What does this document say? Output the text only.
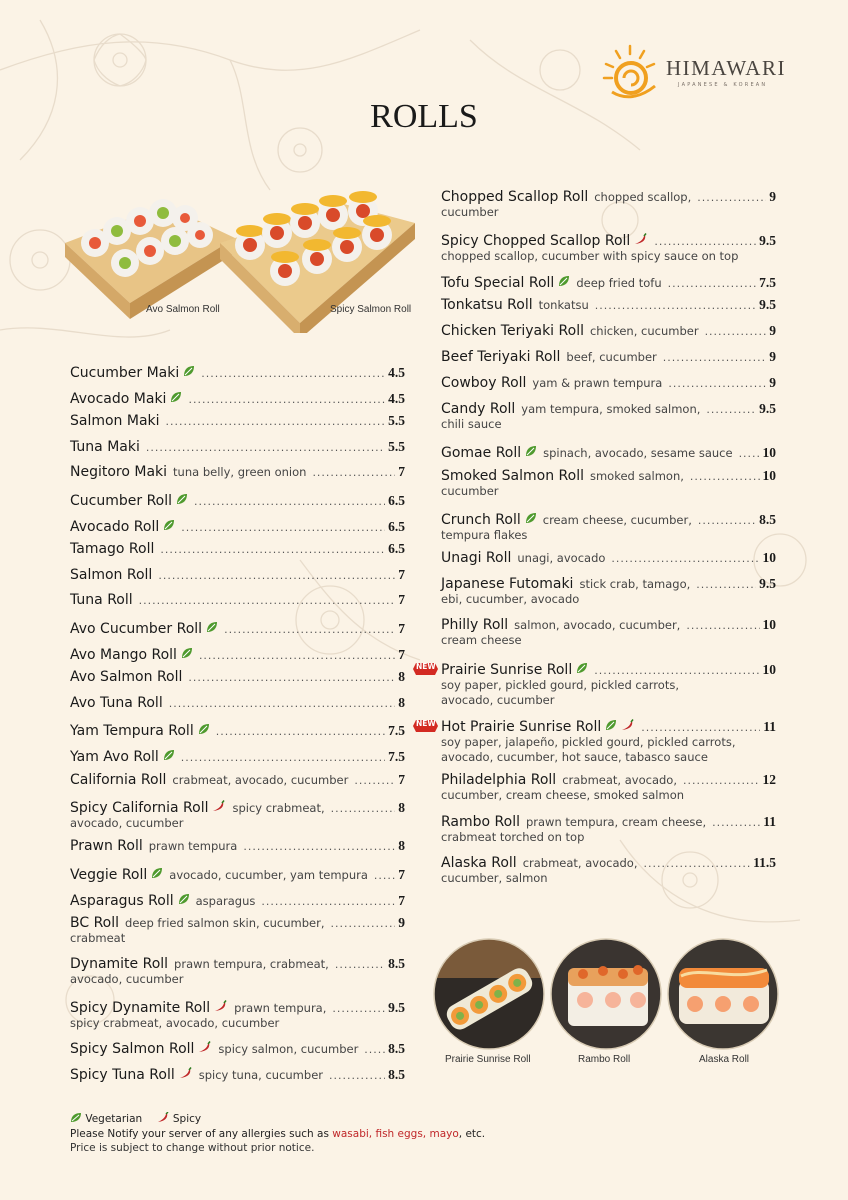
HIMAWARI
JAPANESE & KOREAN
ROLLS
Avo Salmon Roll	Spicy Salmon Roll
Cucumber Maki .....	4.5
Avocado Maki .....	4.5
Salmon Maki .....	5.5
Tuna Maki .....	5.5
Negitoro Maki tuna belly, green onion .....	7
Cucumber Roll .....	6.5
Avocado Roll .....	6.5
Tamago Roll .....	6.5
Salmon Roll .....	7
Tuna Roll .....	7
Avo Cucumber Roll .....	7
Avo Mango Roll .....	7
Avo Salmon Roll .....	8
Avo Tuna Roll .....	8
Yam Tempura Roll .....	7.5
Yam Avo Roll .....	7.5
California Roll crabmeat, avocado, cucumber .....	7
Spicy California Roll spicy crabmeat, .....	8
avocado, cucumber
Prawn Roll prawn tempura .....	8
Veggie Roll avocado, cucumber, yam tempura ..... 7
Asparagus Roll asparagus .....	7
BC Roll deep fried salmon skin, cucumber, .....	9
crabmeat
Dynamite Roll prawn tempura, crabmeat, .....	8.5
avocado, cucumber
Spicy Dynamite Roll prawn tempura, .....	9.5
spicy crabmeat, avocado, cucumber
Spicy Salmon Roll spicy salmon, cucumber ..... 8.5
Spicy Tuna Roll spicy tuna, cucumber .....	8.5
Chopped Scallop Roll chopped scallop, .....	9
cucumber
Spicy Chopped Scallop Roll .....	9.5
chopped scallop, cucumber with spicy sauce on top
Tofu Special Roll deep fried tofu .....	7.5
Tonkatsu Roll tonkatsu .....	9.5
Chicken Teriyaki Roll chicken, cucumber .....	9
Beef Teriyaki Roll beef, cucumber .....	9
Cowboy Roll yam & prawn tempura .....	9
Candy Roll yam tempura, smoked salmon, .....	9.5
chili sauce
Gomae Roll spinach, avocado, sesame sauce ..... 10
Smoked Salmon Roll smoked salmon, .....	10
cucumber
Crunch Roll cream cheese, cucumber, .....	8.5
tempura flakes
Unagi Roll unagi, avocado .....	10
Japanese Futomaki stick crab, tamago, .....	9.5
ebi, cucumber, avocado
Philly Roll salmon, avocado, cucumber, .....	10
cream cheese
NEW Prairie Sunrise Roll .....	10
soy paper, pickled gourd, pickled carrots,
avocado, cucumber
NEW Hot Prairie Sunrise Roll .....	11
soy paper, jalapeño, pickled gourd, pickled carrots,
avocado, cucumber, hot sauce, tabasco sauce
Philadelphia Roll crabmeat, avocado, .....	12
cucumber, cream cheese, smoked salmon
Rambo Roll prawn tempura, cream cheese, .....	11
crabmeat torched on top
Alaska Roll crabmeat, avocado, .....	11.5
cucumber, salmon
Prairie Sunrise Roll	Rambo Roll	Alaska Roll
Vegetarian	Spicy
Please Notify your server of any allergies such as wasabi, fish eggs, mayo, etc.
Price is subject to change without prior notice.
